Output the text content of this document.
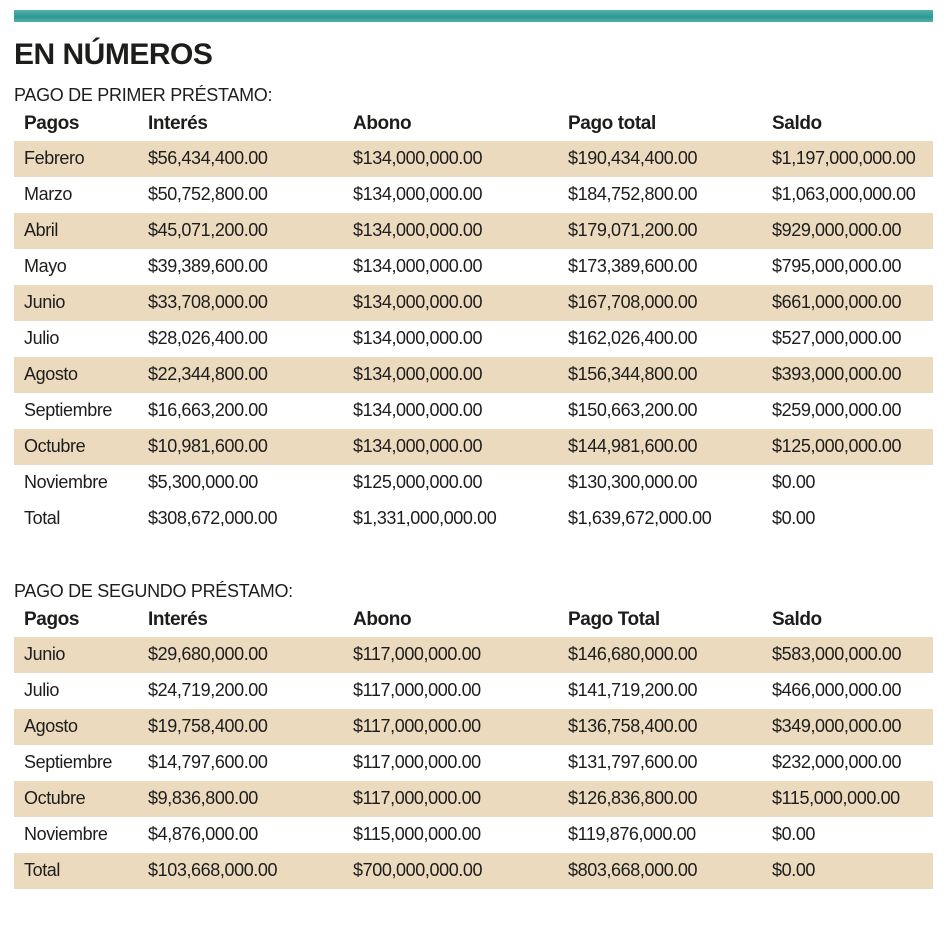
EN NÚMEROS

PAGO DE PRIMER PRÉSTAMO:

Pagos	Interés	Abono	Pago total	Saldo
Febrero	$56,434,400.00	$134,000,000.00	$190,434,400.00	$1,197,000,000.00
Marzo	$50,752,800.00	$134,000,000.00	$184,752,800.00	$1,063,000,000.00
Abril	$45,071,200.00	$134,000,000.00	$179,071,200.00	$929,000,000.00
Mayo	$39,389,600.00	$134,000,000.00	$173,389,600.00	$795,000,000.00
Junio	$33,708,000.00	$134,000,000.00	$167,708,000.00	$661,000,000.00
Julio	$28,026,400.00	$134,000,000.00	$162,026,400.00	$527,000,000.00
Agosto	$22,344,800.00	$134,000,000.00	$156,344,800.00	$393,000,000.00
Septiembre	$16,663,200.00	$134,000,000.00	$150,663,200.00	$259,000,000.00
Octubre	$10,981,600.00	$134,000,000.00	$144,981,600.00	$125,000,000.00
Noviembre	$5,300,000.00	$125,000,000.00	$130,300,000.00	$0.00
Total	$308,672,000.00	$1,331,000,000.00	$1,639,672,000.00	$0.00

PAGO DE SEGUNDO PRÉSTAMO:

Pagos	Interés	Abono	Pago Total	Saldo
Junio	$29,680,000.00	$117,000,000.00	$146,680,000.00	$583,000,000.00
Julio	$24,719,200.00	$117,000,000.00	$141,719,200.00	$466,000,000.00
Agosto	$19,758,400.00	$117,000,000.00	$136,758,400.00	$349,000,000.00
Septiembre	$14,797,600.00	$117,000,000.00	$131,797,600.00	$232,000,000.00
Octubre	$9,836,800.00	$117,000,000.00	$126,836,800.00	$115,000,000.00
Noviembre	$4,876,000.00	$115,000,000.00	$119,876,000.00	$0.00
Total	$103,668,000.00	$700,000,000.00	$803,668,000.00	$0.00
